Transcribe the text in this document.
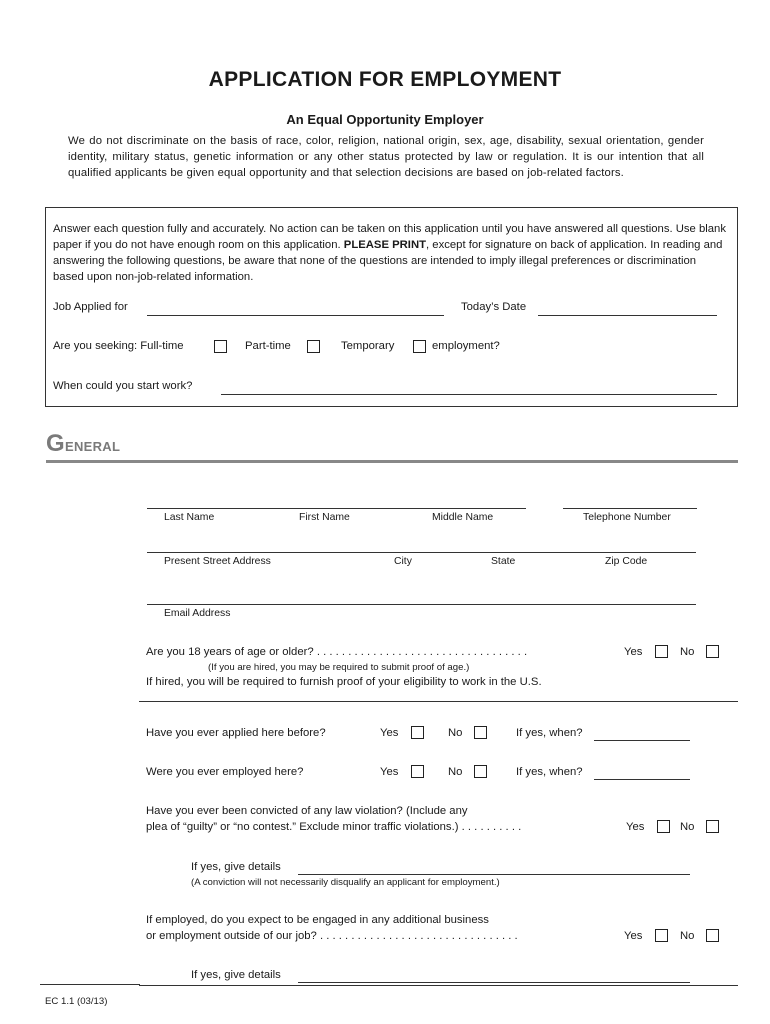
APPLICATION FOR EMPLOYMENT
An Equal Opportunity Employer
We do not discriminate on the basis of race, color, religion, national origin, sex, age, disability, sexual orientation, gender identity, military status, genetic information or any other status protected by law or regulation. It is our intention that all qualified applicants be given equal opportunity and that selection decisions are based on job-related factors.
Answer each question fully and accurately. No action can be taken on this application until you have answered all questions. Use blank paper if you do not have enough room on this application. PLEASE PRINT, except for signature on back of application. In reading and answering the following questions, be aware that none of the questions are intended to imply illegal preferences or discrimination based upon non-job-related information.
Job Applied for	Today’s Date
Are you seeking: Full-time	Part-time	Temporary	employment?
When could you start work?
GENERAL
Last Name	First Name	Middle Name	Telephone Number
Present Street Address	City	State	Zip Code
Email Address
Are you 18 years of age or older? . . . . . . . . . . . . . . . . . . . . . . . . . . . . . . . . . .	Yes	No
(If you are hired, you may be required to submit proof of age.)
If hired, you will be required to furnish proof of your eligibility to work in the U.S.
Have you ever applied here before?	Yes	No	If yes, when?
Were you ever employed here?	Yes	No	If yes, when?
Have you ever been convicted of any law violation? (Include any
plea of “guilty” or “no contest.” Exclude minor traffic violations.) . . . . . . . . . .	Yes	No
If yes, give details
(A conviction will not necessarily disqualify an applicant for employment.)
If employed, do you expect to be engaged in any additional business
or employment outside of our job? . . . . . . . . . . . . . . . . . . . . . . . . . . . . . . . .	Yes	No
If yes, give details
EC 1.1 (03/13)
